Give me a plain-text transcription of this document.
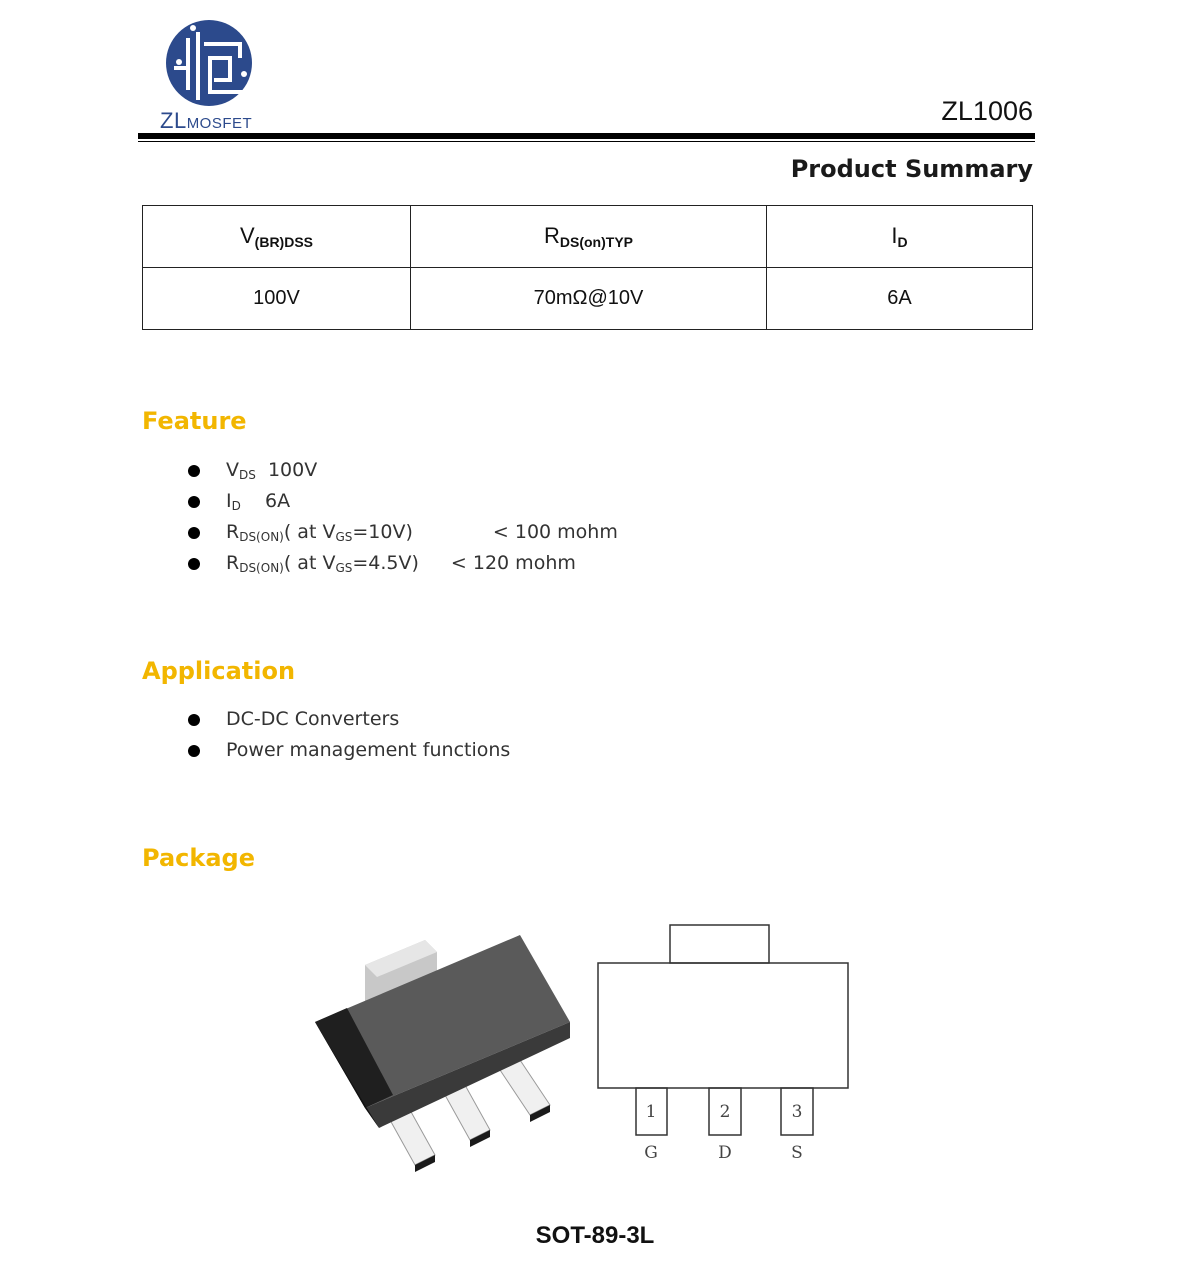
ZLMOSFET	ZL1006
Product Summary
$V_{(BR)DSS}$	$R_{DS(on)TYP}$	$I_D$
100V	70mΩ@10V	6A
Feature
$V_{DS}$  100V
$I_D$    6A
$R_{DS(ON)}$( at $V_{GS}=10V$)	< 100 mohm
$R_{DS(ON)}$( at $V_{GS}=4.5V) < 120$ mohm
Application
DC-DC Converters
Power management functions
Package
1	2	3
G	D	S
SOT-89-3L
